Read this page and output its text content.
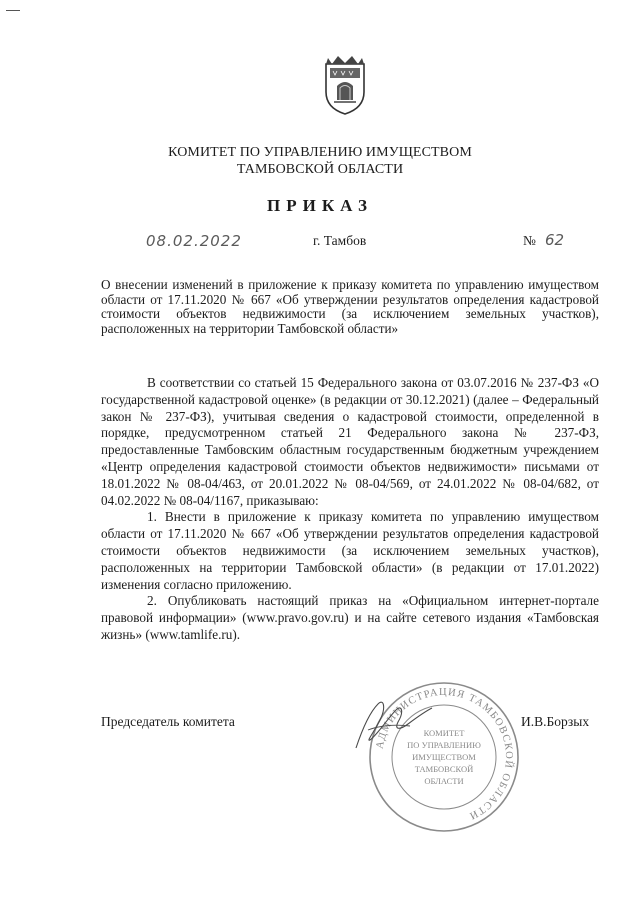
КОМИТЕТ ПО УПРАВЛЕНИЮ ИМУЩЕСТВОМ
ТАМБОВСКОЙ ОБЛАСТИ
ПРИКАЗ
08.02.2022	г. Тамбов	№ 62
О внесении изменений в приложение к приказу комитета по управлению имуществом области от 17.11.2020 № 667 «Об утверждении результатов определения кадастровой стоимости объектов недвижимости (за исключением земельных участков), расположенных на территории Тамбовской области»

В соответствии со статьей 15 Федерального закона от 03.07.2016 № 237-ФЗ «О государственной кадастровой оценке» (в редакции от 30.12.2021) (далее – Федеральный закон № 237-ФЗ), учитывая сведения о кадастровой стоимости, определенной в порядке, предусмотренном статьей 21 Федерального закона № 237-ФЗ, предоставленные Тамбовским областным государственным бюджетным учреждением «Центр определения кадастровой стоимости объектов недвижимости» письмами от 18.01.2022 № 08-04/463, от 20.01.2022 № 08-04/569, от 24.01.2022 № 08-04/682, от 04.02.2022 № 08-04/1167, приказываю:

1. Внести в приложение к приказу комитета по управлению имуществом области от 17.11.2020 № 667 «Об утверждении результатов определения кадастровой стоимости объектов недвижимости (за исключением земельных участков), расположенных на территории Тамбовской области» (в редакции от 17.01.2022) изменения согласно приложению.

2. Опубликовать настоящий приказ на «Официальном интернет-портале правовой информации» (www.pravo.gov.ru) и на сайте сетевого издания «Тамбовская жизнь» (www.tamlife.ru).

Председатель комитета	И.В.Борзых
АДМИНИСТРАЦИЯ ТАМБОВСКОЙ ОБЛАСТИ
КОМИТЕТ
ПО УПРАВЛЕНИЮ
ИМУЩЕСТВОМ
ТАМБОВСКОЙ
ОБЛАСТИ
